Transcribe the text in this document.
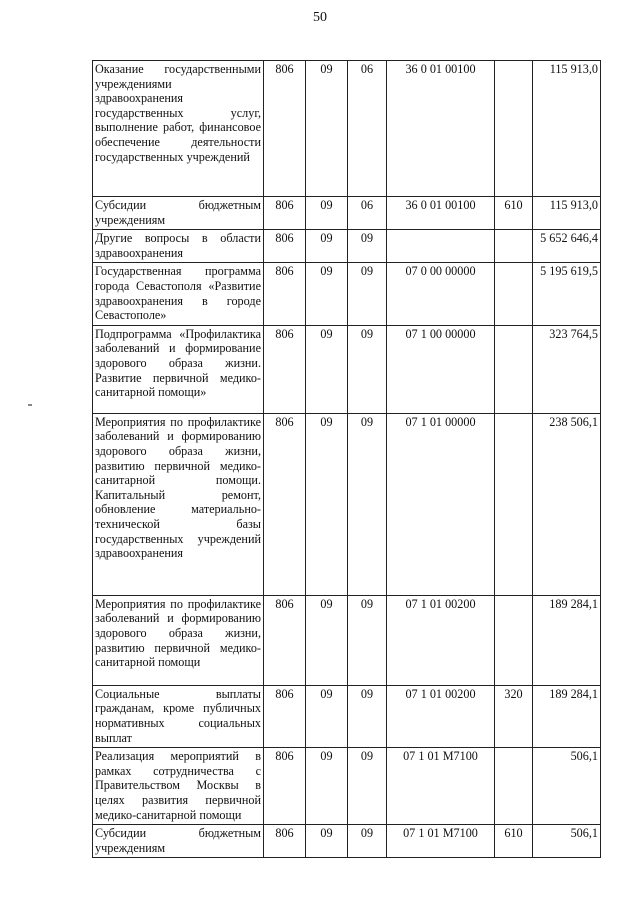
50
Оказание государственными учреждениями здравоохранения государственных услуг, выполнение работ, финансовое обеспечение деятельности государственных учреждений	806	09	06	36 0 01 00100		115 913,0
Субсидии бюджетным учреждениям	806	09	06	36 0 01 00100	610	115 913,0
Другие вопросы в области здравоохранения	806	09	09			5 652 646,4
Государственная программа города Севастополя «Развитие здравоохранения в городе Севастополе»	806	09	09	07 0 00 00000		5 195 619,5
Подпрограмма «Профилактика заболеваний и формирование здорового образа жизни. Развитие первичной медико-санитарной помощи»	806	09	09	07 1 00 00000		323 764,5
Мероприятия по профилактике заболеваний и формированию здорового образа жизни, развитию первичной медико-санитарной помощи. Капитальный ремонт, обновление материально-технической базы государственных учреждений здравоохранения	806	09	09	07 1 01 00000		238 506,1
Мероприятия по профилактике заболеваний и формированию здорового образа жизни, развитию первичной медико-санитарной помощи	806	09	09	07 1 01 00200		189 284,1
Социальные выплаты гражданам, кроме публичных нормативных социальных выплат	806	09	09	07 1 01 00200	320	189 284,1
Реализация мероприятий в рамках сотрудничества с Правительством Москвы в целях развития первичной медико-санитарной помощи	806	09	09	07 1 01 M7100		506,1
Субсидии бюджетным учреждениям	806	09	09	07 1 01 M7100	610	506,1
